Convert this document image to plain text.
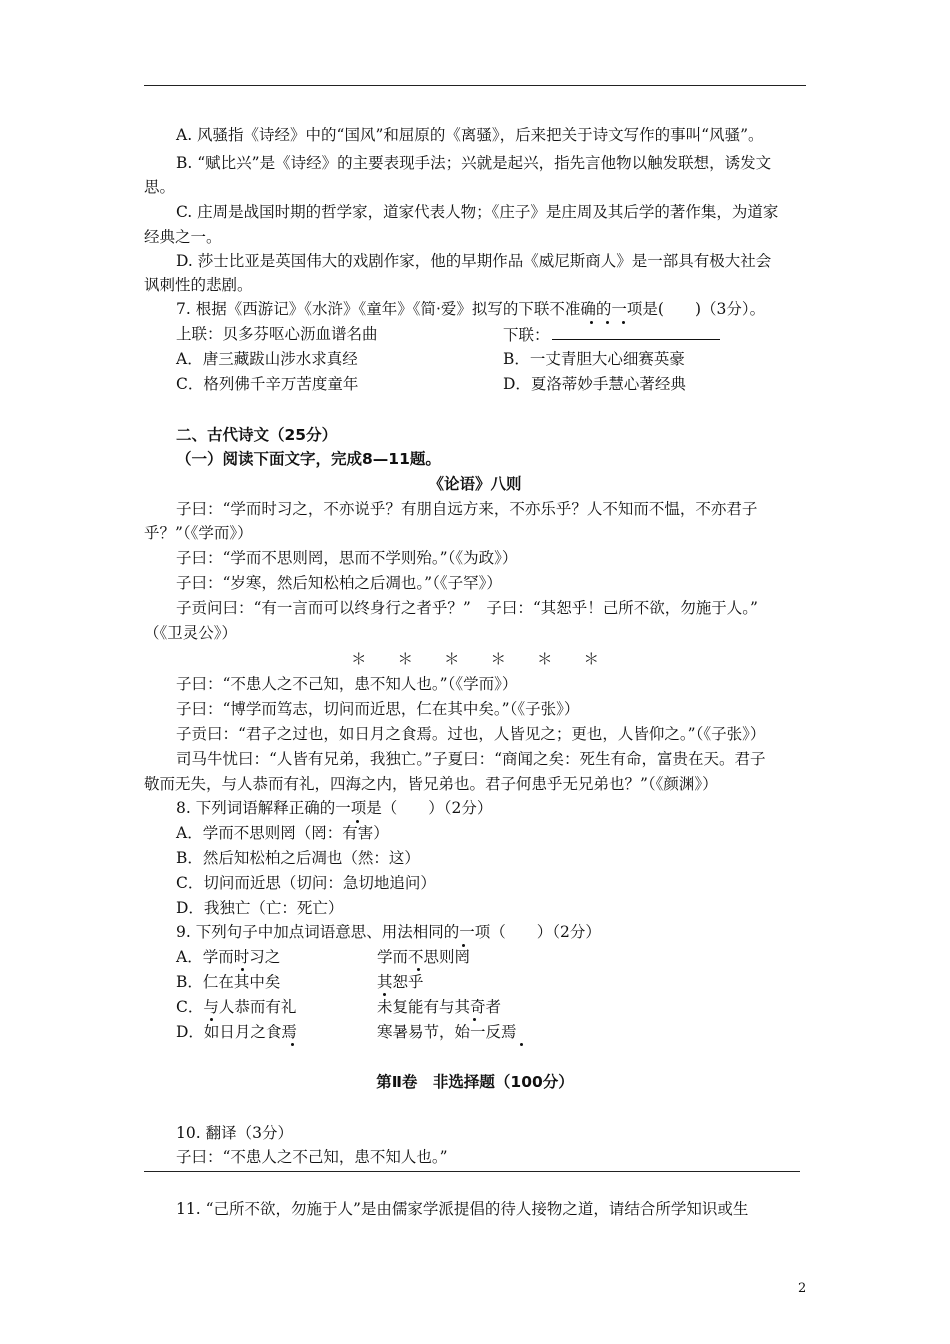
A. 风骚指《诗经》中的“国风”和屈原的《离骚》，后来把关于诗文写作的事叫“风骚”。
B. “赋比兴”是《诗经》的主要表现手法；兴就是起兴，指先言他物以触发联想，诱发文
思。
C. 庄周是战国时期的哲学家，道家代表人物；《庄子》是庄周及其后学的著作集，为道家
经典之一。
D. 莎士比亚是英国伟大的戏剧作家，他的早期作品《威尼斯商人》是一部具有极大社会
讽刺性的悲剧。
7. 根据《西游记》《水浒》《童年》《简·爱》拟写的下联不准确的一项是(　　)（3分）。
上联：贝多芬呕心沥血谱名曲	下联：
A．唐三藏跋山涉水求真经	B．一丈青胆大心细赛英豪
C．格列佛千辛万苦度童年	D．夏洛蒂妙手慧心著经典
二、古代诗文（25分）
（一）阅读下面文字，完成8—11题。
《论语》八则
子曰：“学而时习之，不亦说乎？有朋自远方来，不亦乐乎？人不知而不愠，不亦君子
乎？”（《学而》）
子曰：“学而不思则罔，思而不学则殆。”（《为政》）
子曰：“岁寒，然后知松柏之后凋也。”（《子罕》）
子贡问曰：“有一言而可以终身行之者乎？”　子曰：“其恕乎！己所不欲，勿施于人。”
（《卫灵公》）
＊　　＊　　＊　　＊　　＊　　＊
子曰：“不患人之不己知，患不知人也。”（《学而》）
子曰：“博学而笃志，切问而近思，仁在其中矣。”（《子张》）
子贡曰：“君子之过也，如日月之食焉。过也，人皆见之；更也，人皆仰之。”（《子张》）
司马牛忧曰：“人皆有兄弟，我独亡。”子夏曰：“商闻之矣：死生有命，富贵在天。君子
敬而无失，与人恭而有礼，四海之内，皆兄弟也。君子何患乎无兄弟也？”（《颜渊》）
8. 下列词语解释正确的一项是（　　）（2分）
A．学而不思则罔（罔：有害）
B．然后知松柏之后凋也（然：这）
C．切问而近思（切问：急切地追问）
D．我独亡（亡：死亡）
9. 下列句子中加点词语意思、用法相同的一项（　　）（2分）
A．学而时习之	学而不思则罔
B．仁在其中矣	其恕乎
C．与人恭而有礼	未复能有与其奇者
D．如日月之食焉	寒暑易节，始一反焉
第Ⅱ卷　非选择题（100分）
10. 翻译（3分）
子曰：“不患人之不己知，患不知人也。”
11. “己所不欲，勿施于人”是由儒家学派提倡的待人接物之道，请结合所学知识或生
2
